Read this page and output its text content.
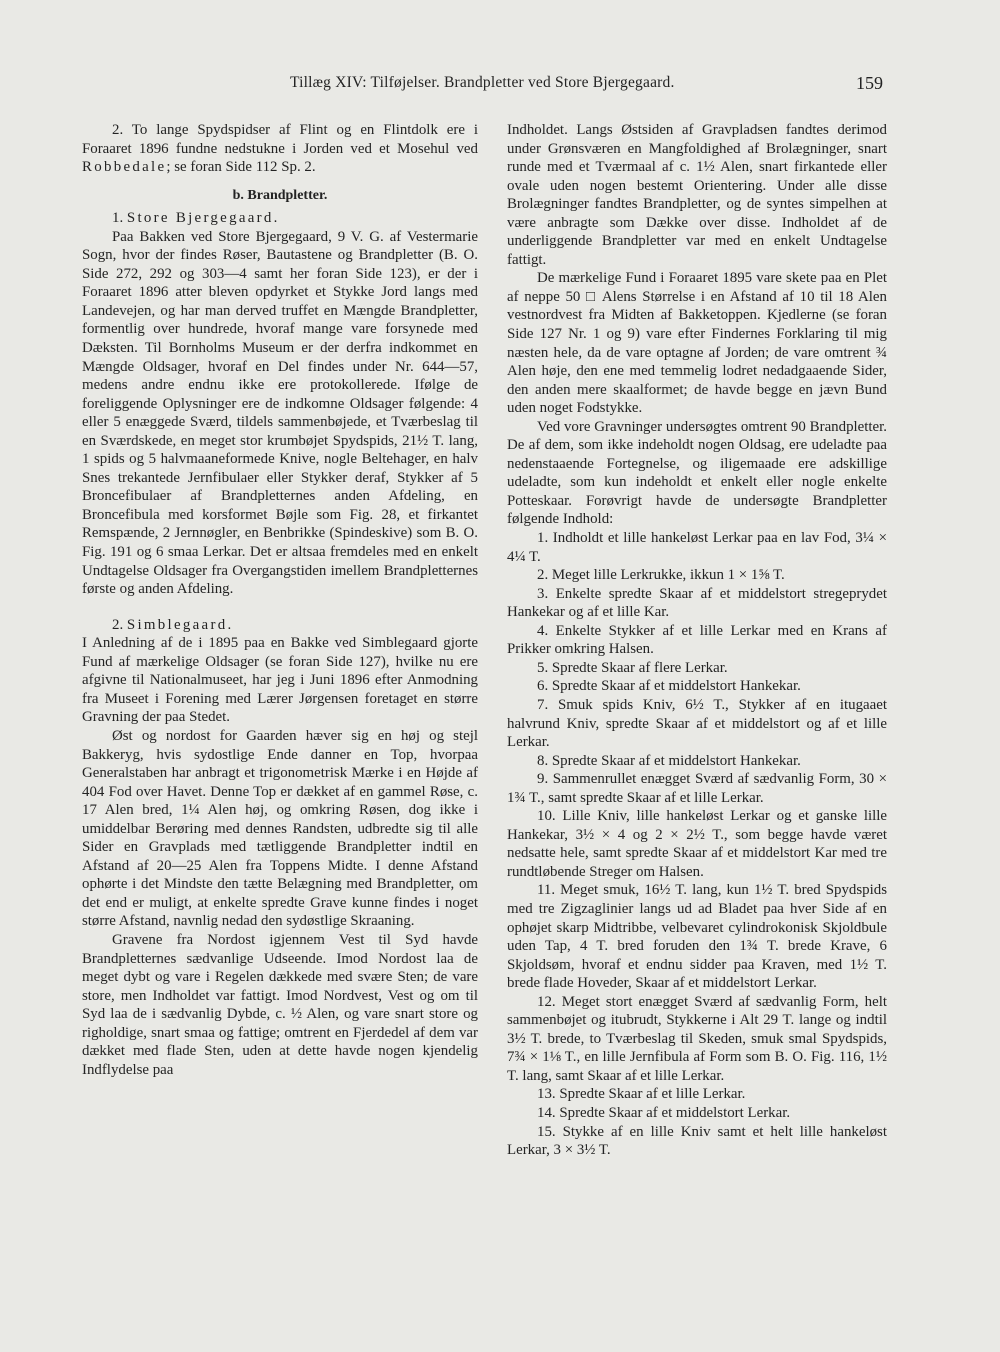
Tillæg XIV: Tilføjelser. Brandpletter ved Store Bjergegaard.	159

2. To lange Spydspidser af Flint og en Flintdolk ere i Foraaret 1896 fundne nedstukne i Jorden ved et Mosehul ved Robbedale; se foran Side 112 Sp. 2.

b. Brandpletter.

1. Store Bjergegaard.

Paa Bakken ved Store Bjergegaard, 9 V. G. af Vestermarie Sogn, hvor der findes Røser, Bautastene og Brandpletter (B. O. Side 272, 292 og 303—4 samt her foran Side 123), er der i Foraaret 1896 atter bleven opdyrket et Stykke Jord langs med Landevejen, og har man derved truffet en Mængde Brandpletter, formentlig over hundrede, hvoraf mange vare forsynede med Dæksten. Til Bornholms Museum er der derfra indkommet en Mængde Oldsager, hvoraf en Del findes under Nr. 644—57, medens andre endnu ikke ere protokollerede. Ifølge de foreliggende Oplysninger ere de indkomne Oldsager følgende: 4 eller 5 enæggede Sværd, tildels sammenbøjede, et Tværbeslag til en Sværdskede, en meget stor krumbøjet Spydspids, 21½ T. lang, 1 spids og 5 halvmaaneformede Knive, nogle Beltehager, en halv Snes trekantede Jernfibulaer eller Stykker deraf, Stykker af 5 Broncefibulaer af Brandpletternes anden Afdeling, en Broncefibula med korsformet Bøjle som Fig. 28, et firkantet Remspænde, 2 Jernnøgler, en Benbrikke (Spindeskive) som B. O. Fig. 191 og 6 smaa Lerkar. Det er altsaa fremdeles med en enkelt Undtagelse Oldsager fra Overgangstiden imellem Brandpletternes første og anden Afdeling.

2. Simblegaard.

I Anledning af de i 1895 paa en Bakke ved Simblegaard gjorte Fund af mærkelige Oldsager (se foran Side 127), hvilke nu ere afgivne til Nationalmuseet, har jeg i Juni 1896 efter Anmodning fra Museet i Forening med Lærer Jørgensen foretaget en større Gravning der paa Stedet.

Øst og nordost for Gaarden hæver sig en høj og stejl Bakkeryg, hvis sydostlige Ende danner en Top, hvorpaa Generalstaben har anbragt et trigonometrisk Mærke i en Højde af 404 Fod over Havet. Denne Top er dækket af en gammel Røse, c. 17 Alen bred, 1¼ Alen høj, og omkring Røsen, dog ikke i umiddelbar Berøring med dennes Randsten, udbredte sig til alle Sider en Gravplads med tætliggende Brandpletter indtil en Afstand af 20—25 Alen fra Toppens Midte. I denne Afstand ophørte i det Mindste den tætte Belægning med Brandpletter, om det end er muligt, at enkelte spredte Grave kunne findes i noget større Afstand, navnlig nedad den sydøstlige Skraaning.

Gravene fra Nordost igjennem Vest til Syd havde Brandpletternes sædvanlige Udseende. Imod Nordost laa de meget dybt og vare i Regelen dækkede med svære Sten; de vare store, men Indholdet var fattigt. Imod Nordvest, Vest og om til Syd laa de i sædvanlig Dybde, c. ½ Alen, og vare snart store og righoldige, snart smaa og fattige; omtrent en Fjerdedel af dem var dækket med flade Sten, uden at dette havde nogen kjendelig Indflydelse paa

Indholdet. Langs Østsiden af Gravpladsen fandtes derimod under Grønsværen en Mangfoldighed af Brolægninger, snart runde med et Tværmaal af c. 1½ Alen, snart firkantede eller ovale uden nogen bestemt Orientering. Under alle disse Brolægninger fandtes Brandpletter, og de syntes simpelhen at være anbragte som Dække over disse. Indholdet af de underliggende Brandpletter var med en enkelt Undtagelse fattigt.

De mærkelige Fund i Foraaret 1895 vare skete paa en Plet af neppe 50 □ Alens Størrelse i en Afstand af 10 til 18 Alen vestnordvest fra Midten af Bakketoppen. Kjedlerne (se foran Side 127 Nr. 1 og 9) vare efter Findernes Forklaring til mig næsten hele, da de vare optagne af Jorden; de vare omtrent ¾ Alen høje, den ene med temmelig lodret nedadgaaende Sider, den anden mere skaalformet; de havde begge en jævn Bund uden noget Fodstykke.

Ved vore Gravninger undersøgtes omtrent 90 Brandpletter. De af dem, som ikke indeholdt nogen Oldsag, ere udeladte paa nedenstaaende Fortegnelse, og iligemaade ere adskillige udeladte, som kun indeholdt et enkelt eller nogle enkelte Potteskaar. Forøvrigt havde de undersøgte Brandpletter følgende Indhold:

1. Indholdt et lille hankeløst Lerkar paa en lav Fod, 3¼ × 4¼ T.

2. Meget lille Lerkrukke, ikkun 1 × 1⅝ T.

3. Enkelte spredte Skaar af et middelstort stregeprydet Hankekar og af et lille Kar.

4. Enkelte Stykker af et lille Lerkar med en Krans af Prikker omkring Halsen.

5. Spredte Skaar af flere Lerkar.

6. Spredte Skaar af et middelstort Hankekar.

7. Smuk spids Kniv, 6½ T., Stykker af en itugaaet halvrund Kniv, spredte Skaar af et middelstort og af et lille Lerkar.

8. Spredte Skaar af et middelstort Hankekar.

9. Sammenrullet enægget Sværd af sædvanlig Form, 30 × 1¾ T., samt spredte Skaar af et lille Lerkar.

10. Lille Kniv, lille hankeløst Lerkar og et ganske lille Hankekar, 3½ × 4 og 2 × 2½ T., som begge havde været nedsatte hele, samt spredte Skaar af et middelstort Kar med tre rundtløbende Streger om Halsen.

11. Meget smuk, 16½ T. lang, kun 1½ T. bred Spydspids med tre Zigzaglinier langs ud ad Bladet paa hver Side af en ophøjet skarp Midtribbe, velbevaret cylindrokonisk Skjoldbule uden Tap, 4 T. bred foruden den 1¾ T. brede Krave, 6 Skjoldsøm, hvoraf et endnu sidder paa Kraven, med 1½ T. brede flade Hoveder, Skaar af et middelstort Lerkar.

12. Meget stort enægget Sværd af sædvanlig Form, helt sammenbøjet og itubrudt, Stykkerne i Alt 29 T. lange og indtil 3½ T. brede, to Tværbeslag til Skeden, smuk smal Spydspids, 7¾ × 1⅛ T., en lille Jernfibula af Form som B. O. Fig. 116, 1½ T. lang, samt Skaar af et lille Lerkar.

13. Spredte Skaar af et lille Lerkar.

14. Spredte Skaar af et middelstort Lerkar.

15. Stykke af en lille Kniv samt et helt lille hankeløst Lerkar, 3 × 3½ T.
